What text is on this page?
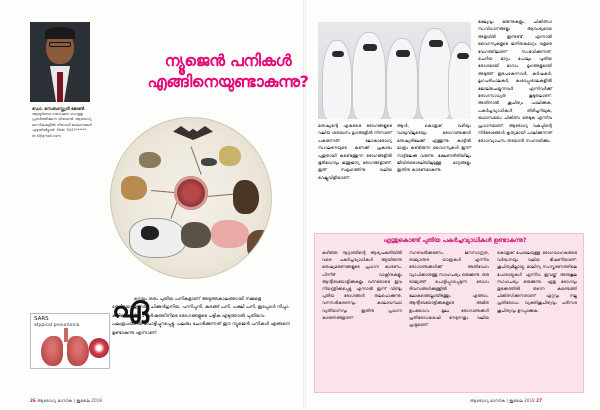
ഡോ. സെബാസ്റ്റ്യൻ ജോൺ
ആയുർവേദ ഗവേഷണ രംഗത്തു പ്രവർത്തിക്കുന്ന വിദഗ്ദ്ധൻ. ആരോഗ്യ മാസികകളിൽ നിരവധി ലേഖനങ്ങൾ എഴുതിയിട്ടുണ്ട്. Mob: 9447****** dr.s@gmail.com
ന്യൂജെൻ പനികൾ
എങ്ങിനെയുണ്ടാകുന്നു?
ഏ
റെയും തരം പുതിയ പനികളാണ് അടുത്തകാലത്തായി നമ്മളെ തേടിയെത്തുന്നത്. ചിക്കുൻഗുനിയ, പന്നിപ്പനി, കുരങ്ങ് പനി, പക്ഷി പനി, ഇപ്പോൾ നിപ്പാ. കഴിഞ്ഞ 10-15 വർഷത്തിനിടെ രോഗങ്ങളുടെ പട്ടിക എടുത്താൽ പുതിയവ പലരൂപത്തിൽ പൊട്ടിപ്പുറപ്പെട്ടു. പലരും ചോദിക്കുന്നത് ഈ ന്യൂജെൻ പനികൾ എങ്ങനെ ഉണ്ടാകുന്നു എന്നാണ്.
SARS
atypical pneumonia
മനുഷ്യന്റെ ഏകദേശ രോഗങ്ങളുടെ വലിയ ശതമാനം മൃഗങ്ങളിൽ നിന്നാണ് പകരുന്നത്. ലോകാരോഗ്യ സംഘടനയുടെ കണക്ക് പ്രകാരം പുതുതായി കണ്ടെത്തുന്ന രോഗങ്ങളിൽ ഭൂരിഭാഗവും ജന്തുജന്യ രോഗങ്ങളാണ്. ഇത് സമൂഹത്തിനു വലിയ വെല്ലുവിളിയാണ്.
ആൾ, കൊതുക് വഴിയും വായുവിലൂടെയും രോഗാണുക്കൾ മനുഷ്യരിലേക്ക് എത്തുന്നു. കാട്ടിൽ മാത്രം കണ്ടിരുന്ന വൈറസുകൾ ഇന്ന് നാട്ടിലേക്കു വരുന്നു. ഭക്ഷണരീതിയിലും ജീവിതശൈലിയിലുമുള്ള മാറ്റങ്ങളും ഇതിനു കാരണമാകുന്നു.
ഭക്ഷ്യവും മരുന്നുകളും, ചികിത്സാ സംവിധാനങ്ങളും ആവശ്യമായ അളവിൽ ഇന്നുണ്ട്. എന്നാൽ വൈറസുകളുടെ ജനിതകമാറ്റം വളരെ വേഗത്തിലാണ് സംഭവിക്കുന്നത്. ചെറിയ മാറ്റം പോലും പുതിയ രോഗമായി മാറാം. മൃഗങ്ങളുമായി അടുത്ത് ഇടപഴകുന്നവർ, കർഷകർ, മൃഗപരിപാലകർ, കശാപ്പുശാലകളിൽ ജോലിചെയ്യുന്നവർ എന്നിവർക്ക് രോഗസാധ്യത കൂടുതലാണ്. അതിനാൽ ശുചിത്വം പാലിക്കുക, പകർച്ചവ്യാധികൾ തിരിച്ചറിയുക, യഥാസമയം ചികിത്സ തേടുക എന്നിവ പ്രധാനമാണ്. ആരോഗ്യ വകുപ്പിന്റെ നിർദേശങ്ങൾ കൃത്യമായി പാലിക്കുന്നത് രോഗവ്യാപനം തടയാൻ സഹായിക്കും.
എന്തുകൊണ്ട് പുതിയ പകർച്ചവ്യാധികൾ ഉണ്ടാകുന്നു?
കഴിഞ്ഞ നൂറ്റാണ്ടിന്റെ ആദ്യപകുതിയിൽ വരെ പകർച്ചവ്യാധികൾ ആയിരുന്നു മനുഷ്യമരണങ്ങളുടെ പ്രധാന കാരണം. പിന്നീട് വാക്സിനുകളും ആന്റിബയോട്ടിക്കുകളും വന്നതോടെ ഇവ നിയന്ത്രിക്കപ്പെട്ടു. എന്നാൽ ഇന്ന് വീണ്ടും പുതിയ രോഗങ്ങൾ തലപൊക്കുന്നു. വനനശീകരണവും കാലാവസ്ഥാ വ്യതിയാനവും ഇതിനു പ്രധാന കാരണങ്ങളാണ്.
നഗരവൽക്കരണം, ജനസാന്ദ്രത, രാജ്യാന്തര യാത്രകൾ എന്നിവ രോഗാണുക്കൾക്ക് അതിവേഗം വ്യാപിക്കാനുള്ള സാഹചര്യം ഒരുക്കുന്നു. ഒരു രാജ്യത്ത് പൊട്ടിപ്പുറപ്പെടുന്ന രോഗം ദിവസങ്ങൾക്കുള്ളിൽ ലോകത്തെല്ലായിടത്തും എത്താം. ആന്റിബയോട്ടിക്കുകളുടെ അമിത ഉപയോഗം മൂലം രോഗാണുക്കൾ പ്രതിരോധശേഷി നേടുന്നതും വലിയ പ്രശ്നമാണ്.
കൊതുക് പോലെയുള്ള രോഗവാഹകരുടെ വർദ്ധനയും വലിയ ഭീഷണിയാണ്. ശുചിത്വമില്ലായ്മ, മാലിന്യ സംസ്കരണത്തിലെ പോരായ്മകൾ എന്നിവ ഇവയ്ക്ക് അനുകൂല സാഹചര്യം ഒരുക്കുന്നു. ഏതു രോഗവും തുടക്കത്തിൽ തന്നെ കണ്ടെത്തി ചികിത്സിക്കുന്നതാണ് ഏറ്റവും നല്ല പ്രതിരോധം. വ്യക്തിശുചിത്വവും പരിസര ശുചിത്വവും ഉറപ്പാക്കുക.
26 ആരോഗ്യ മാസിക | ജൂലൈ 2018	ആരോഗ്യ മാസിക | ജൂലൈ 2018 27
